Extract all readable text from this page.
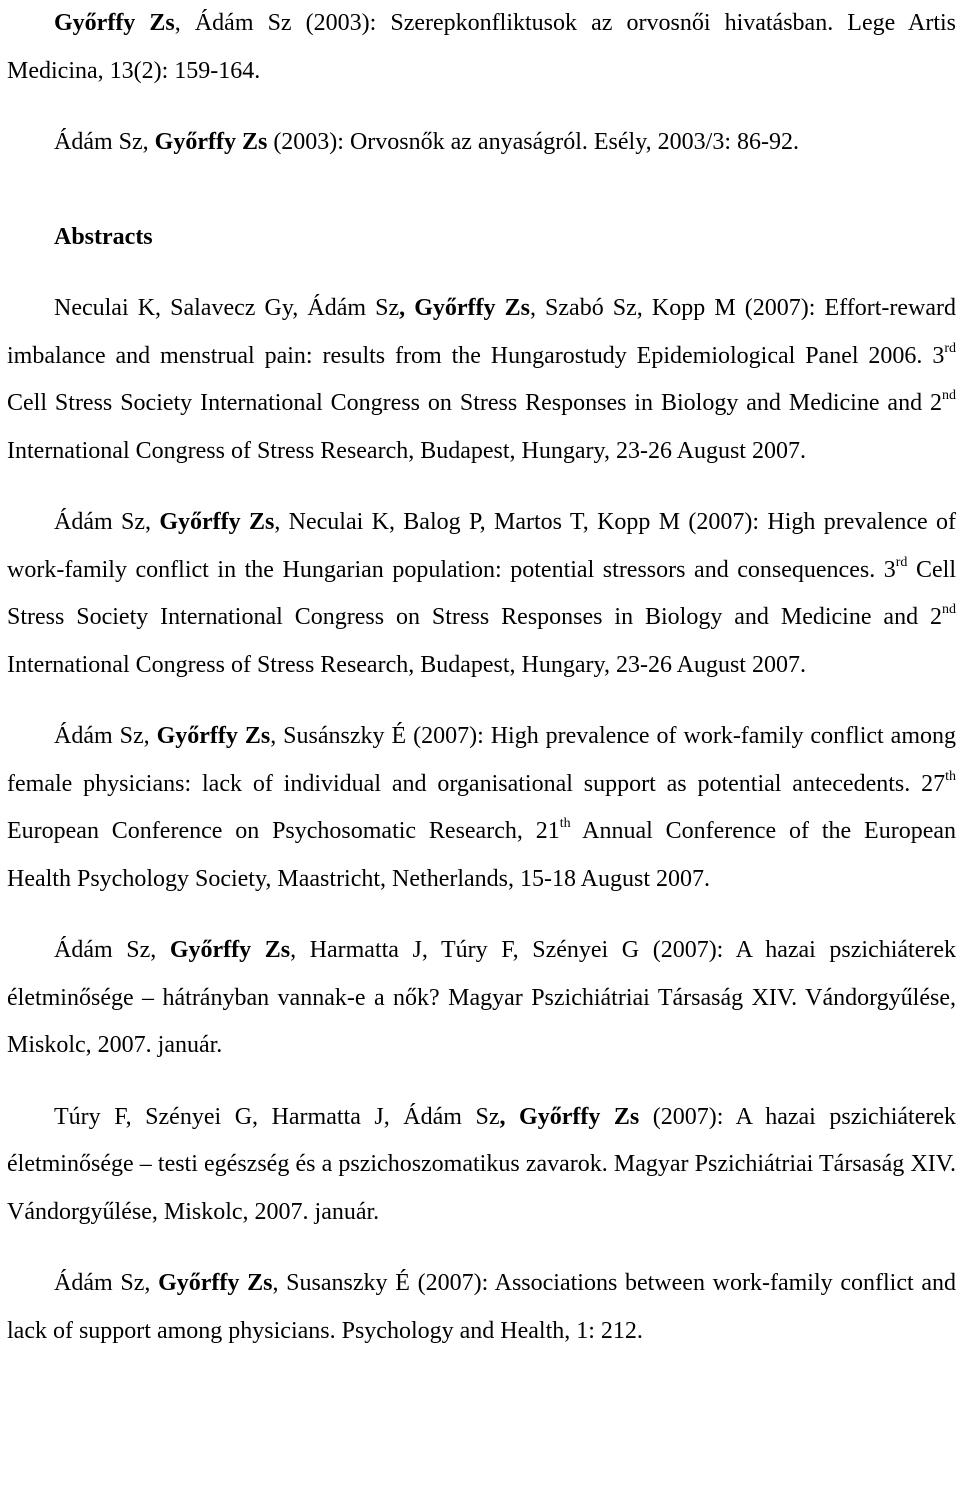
Győrffy Zs, Ádám Sz (2003): Szerepkonfliktusok az orvosnői hivatásban. Lege Artis Medicina, 13(2): 159-164.

Ádám Sz, Győrffy Zs (2003): Orvosnők az anyaságról. Esély, 2003/3: 86-92.

Abstracts

Neculai K, Salavecz Gy, Ádám Sz, Győrffy Zs, Szabó Sz, Kopp M (2007): Effort-reward imbalance and menstrual pain: results from the Hungarostudy Epidemiological Panel 2006. 3rd Cell Stress Society International Congress on Stress Responses in Biology and Medicine and 2nd International Congress of Stress Research, Budapest, Hungary, 23-26 August 2007.

Ádám Sz, Győrffy Zs, Neculai K, Balog P, Martos T, Kopp M (2007): High prevalence of work-family conflict in the Hungarian population: potential stressors and consequences. 3rd Cell Stress Society International Congress on Stress Responses in Biology and Medicine and 2nd International Congress of Stress Research, Budapest, Hungary, 23-26 August 2007.

Ádám Sz, Győrffy Zs, Susánszky É (2007): High prevalence of work-family conflict among female physicians: lack of individual and organisational support as potential antecedents. 27th European Conference on Psychosomatic Research, 21th Annual Conference of the European Health Psychology Society, Maastricht, Netherlands, 15-18 August 2007.

Ádám Sz, Győrffy Zs, Harmatta J, Túry F, Szényei G (2007): A hazai pszichiáterek életminősége – hátrányban vannak-e a nők? Magyar Pszichiátriai Társaság XIV. Vándorgyűlése, Miskolc, 2007. január.

Túry F, Szényei G, Harmatta J, Ádám Sz, Győrffy Zs (2007): A hazai pszichiáterek életminősége – testi egészség és a pszichoszomatikus zavarok. Magyar Pszichiátriai Társaság XIV. Vándorgyűlése, Miskolc, 2007. január.

Ádám Sz, Győrffy Zs, Susanszky É (2007): Associations between work-family conflict and lack of support among physicians. Psychology and Health, 1: 212.
